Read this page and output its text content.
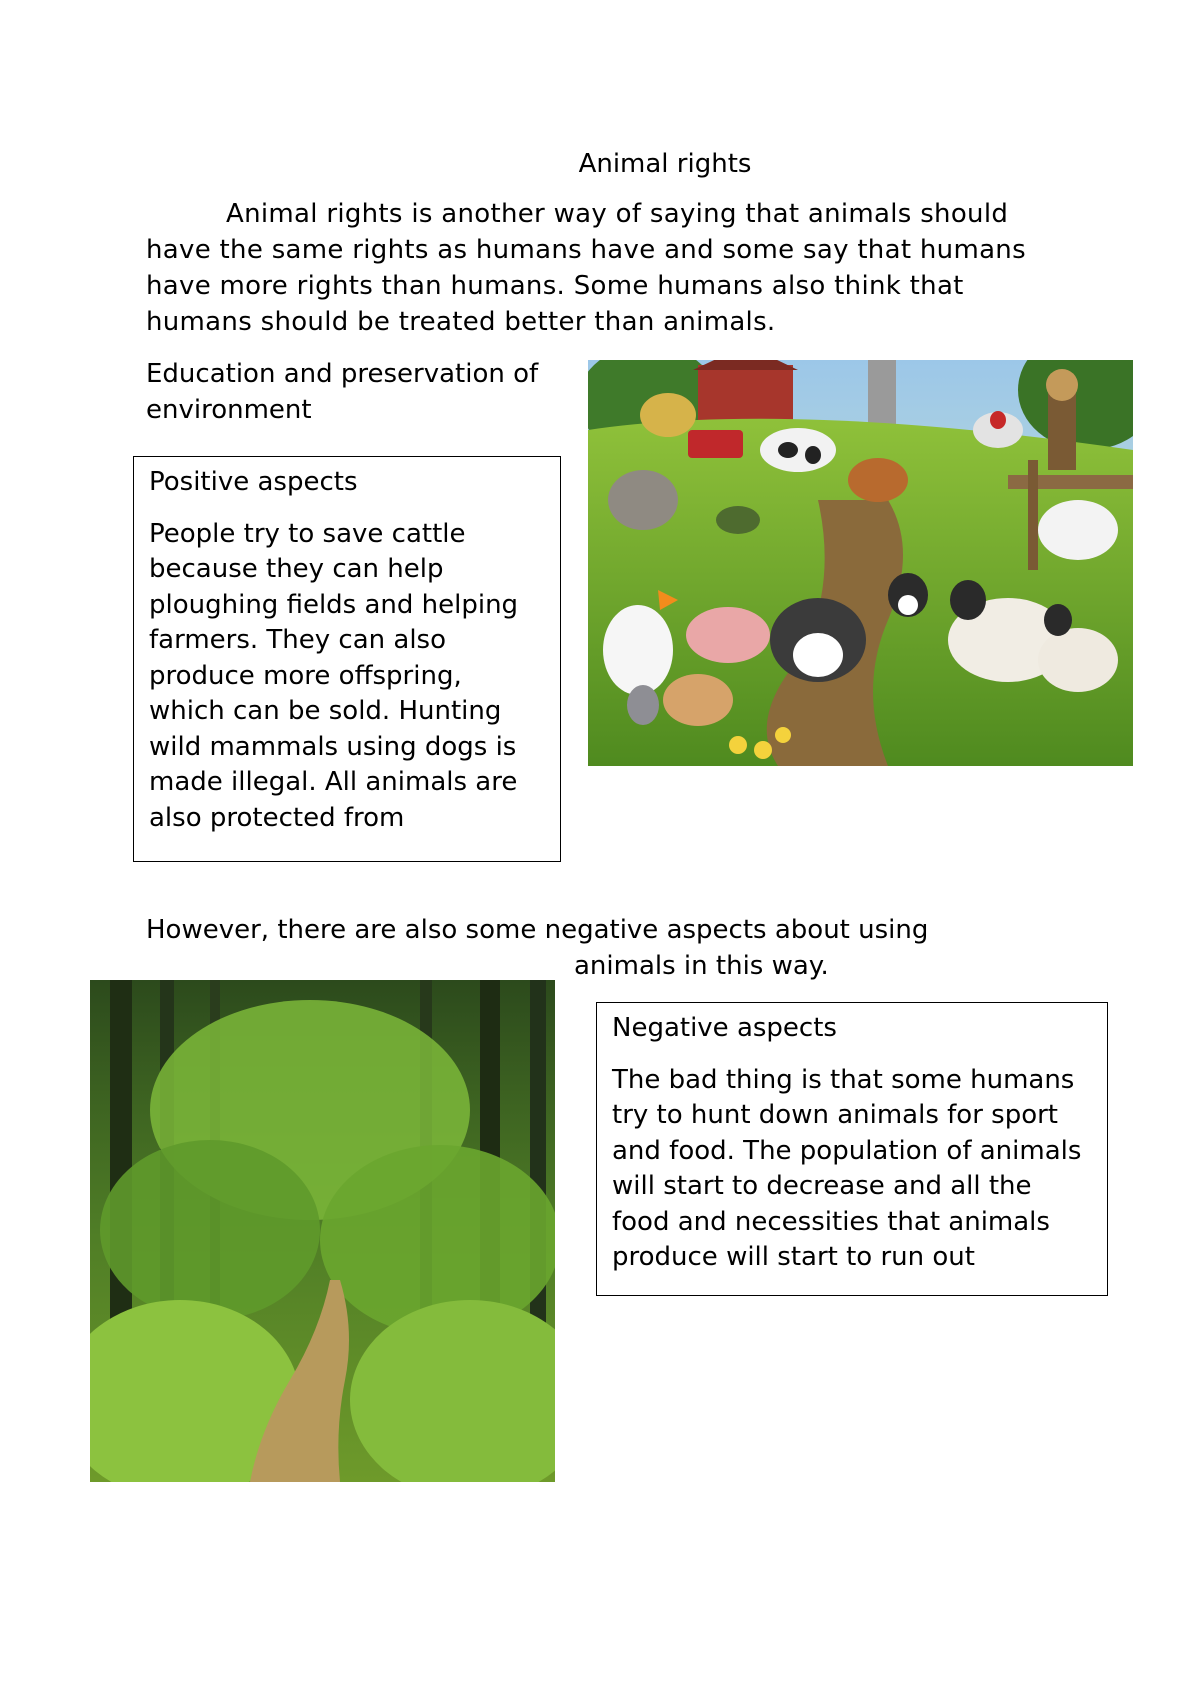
Animal rights
Animal rights is another way of saying that animals should have the same rights as humans have and some say that humans have more rights than humans. Some humans also think that humans should be treated better than animals.
Education and preservation of environment
Positive aspects
People try to save cattle because they can help ploughing fields and helping farmers. They can also produce more offspring, which can be sold. Hunting wild mammals using dogs is made illegal. All animals are also protected from
However, there are also some negative aspects about using
animals in this way.
Negative aspects
The bad thing is that some humans try to hunt down animals for sport and food. The population of animals will start to decrease and all the food and necessities that animals produce will start to run out
